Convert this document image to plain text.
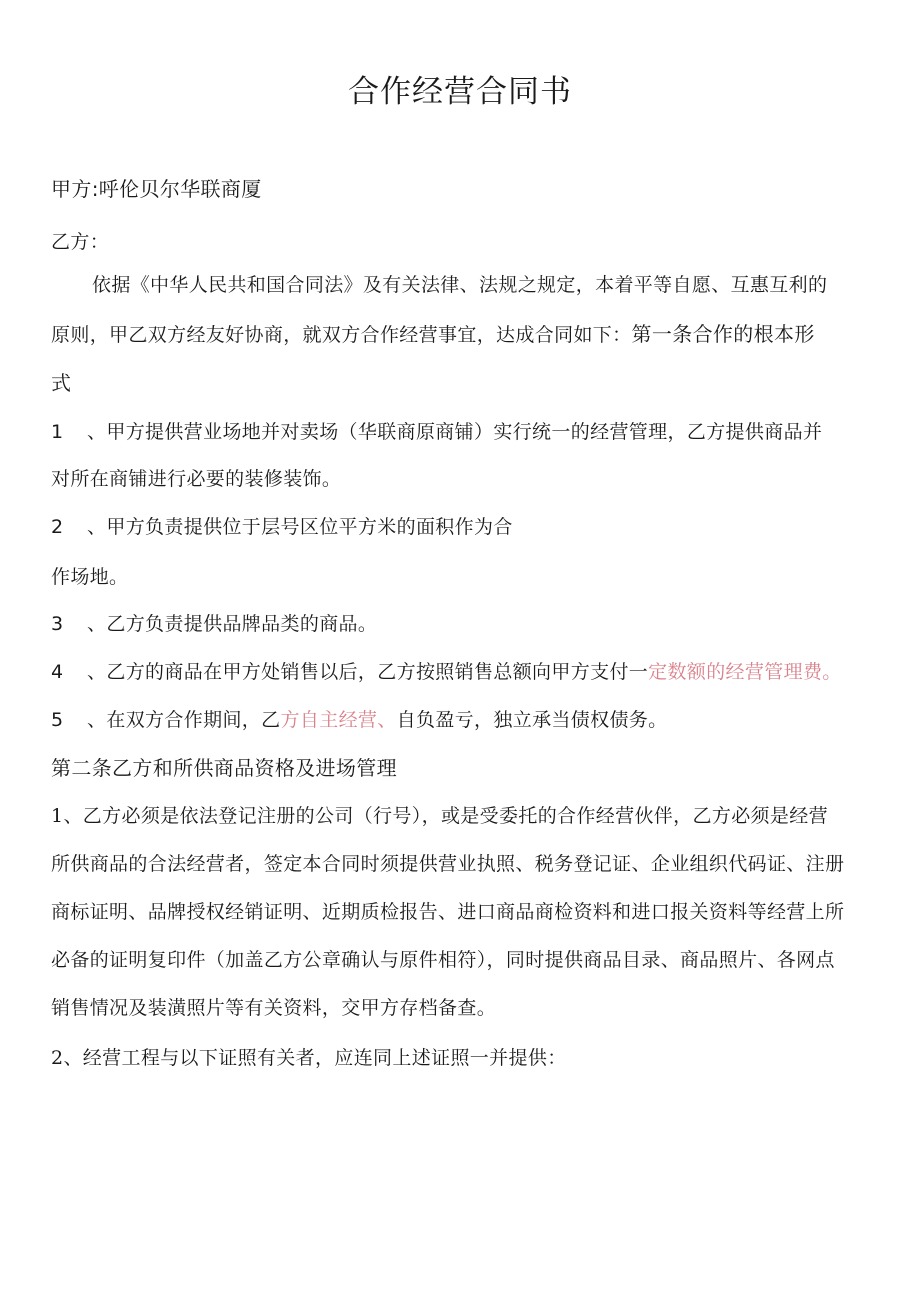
合作经营合同书
甲方:呼伦贝尔华联商厦
乙方：
依据《中华人民共和国合同法》及有关法律、法规之规定，本着平等自愿、互惠互利的
原则，甲乙双方经友好协商，就双方合作经营事宜，达成合同如下：第一条合作的根本形
式
1 、甲方提供营业场地并对卖场（华联商原商铺）实行统一的经营管理，乙方提供商品并
对所在商铺进行必要的装修装饰。
2 、甲方负责提供位于层号区位平方米的面积作为合
作场地。
3 、乙方负责提供品牌品类的商品。
4 、乙方的商品在甲方处销售以后，乙方按照销售总额向甲方支付一定数额的经营管理费。
5 、在双方合作期间，乙方自主经营、自负盈亏，独立承当债权债务。
第二条乙方和所供商品资格及进场管理
1、乙方必须是依法登记注册的公司（行号），或是受委托的合作经营伙伴，乙方必须是经营
所供商品的合法经营者，签定本合同时须提供营业执照、税务登记证、企业组织代码证、注册
商标证明、品牌授权经销证明、近期质检报告、进口商品商检资料和进口报关资料等经营上所
必备的证明复印件（加盖乙方公章确认与原件相符），同时提供商品目录、商品照片、各网点
销售情况及装潢照片等有关资料，交甲方存档备查。
2、经营工程与以下证照有关者，应连同上述证照一并提供：
